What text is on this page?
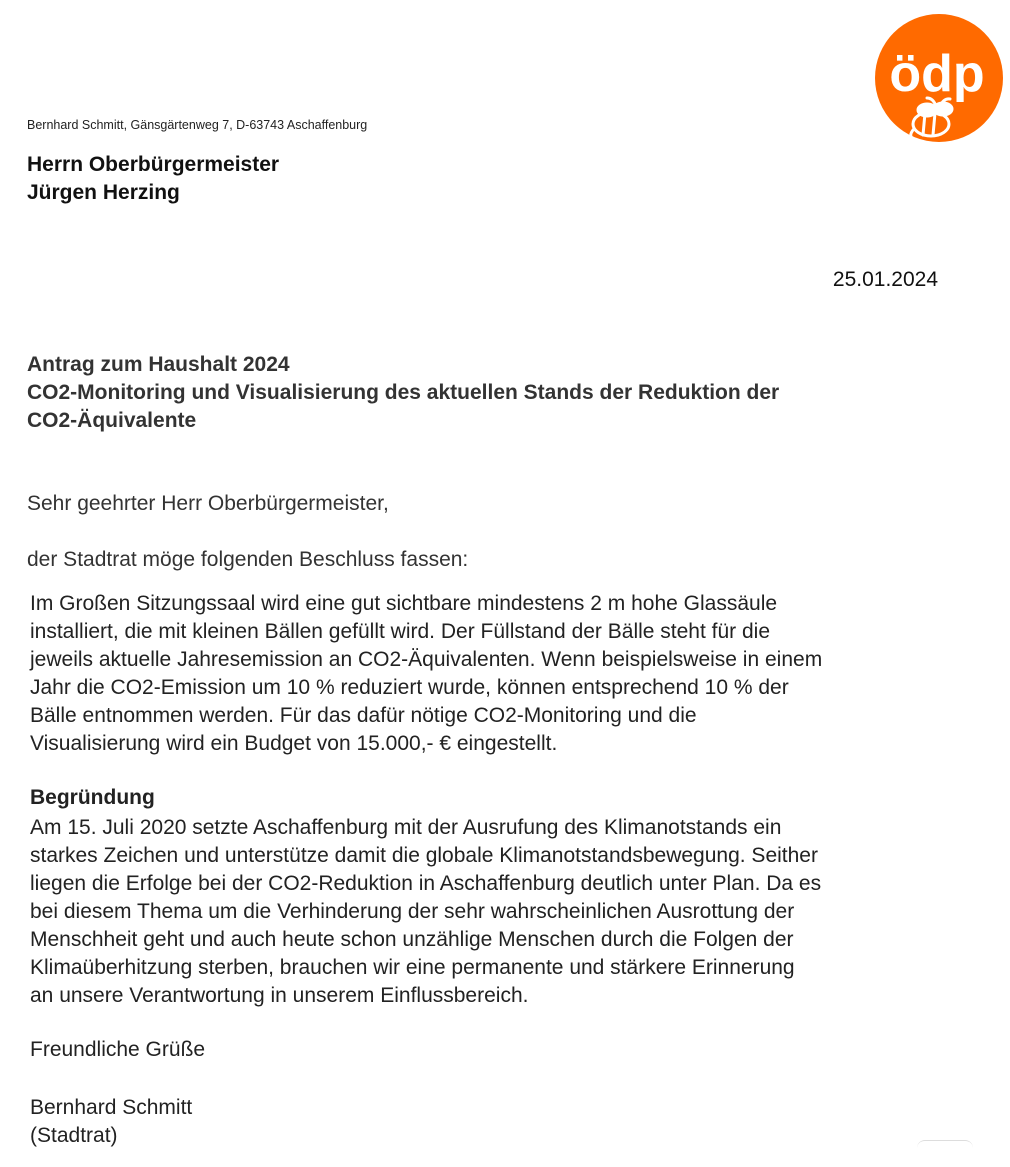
Bernhard Schmitt, Gänsgärtenweg 7, D-63743 Aschaffenburg
Herrn Oberbürgermeister
Jürgen Herzing
25.01.2024
Antrag zum Haushalt 2024
CO2-Monitoring und Visualisierung des aktuellen Stands der Reduktion der
CO2-Äquivalente
Sehr geehrter Herr Oberbürgermeister,
der Stadtrat möge folgenden Beschluss fassen:
Im Großen Sitzungssaal wird eine gut sichtbare mindestens 2 m hohe Glassäule
installiert, die mit kleinen Bällen gefüllt wird. Der Füllstand der Bälle steht für die
jeweils aktuelle Jahresemission an CO2-Äquivalenten. Wenn beispielsweise in einem
Jahr die CO2-Emission um 10 % reduziert wurde, können entsprechend 10 % der
Bälle entnommen werden. Für das dafür nötige CO2-Monitoring und die
Visualisierung wird ein Budget von 15.000,- € eingestellt.
Begründung
Am 15. Juli 2020 setzte Aschaffenburg mit der Ausrufung des Klimanotstands ein
starkes Zeichen und unterstütze damit die globale Klimanotstandsbewegung. Seither
liegen die Erfolge bei der CO2-Reduktion in Aschaffenburg deutlich unter Plan. Da es
bei diesem Thema um die Verhinderung der sehr wahrscheinlichen Ausrottung der
Menschheit geht und auch heute schon unzählige Menschen durch die Folgen der
Klimaüberhitzung sterben, brauchen wir eine permanente und stärkere Erinnerung
an unsere Verantwortung in unserem Einflussbereich.
Freundliche Grüße
Bernhard Schmitt
(Stadtrat)
ödp
